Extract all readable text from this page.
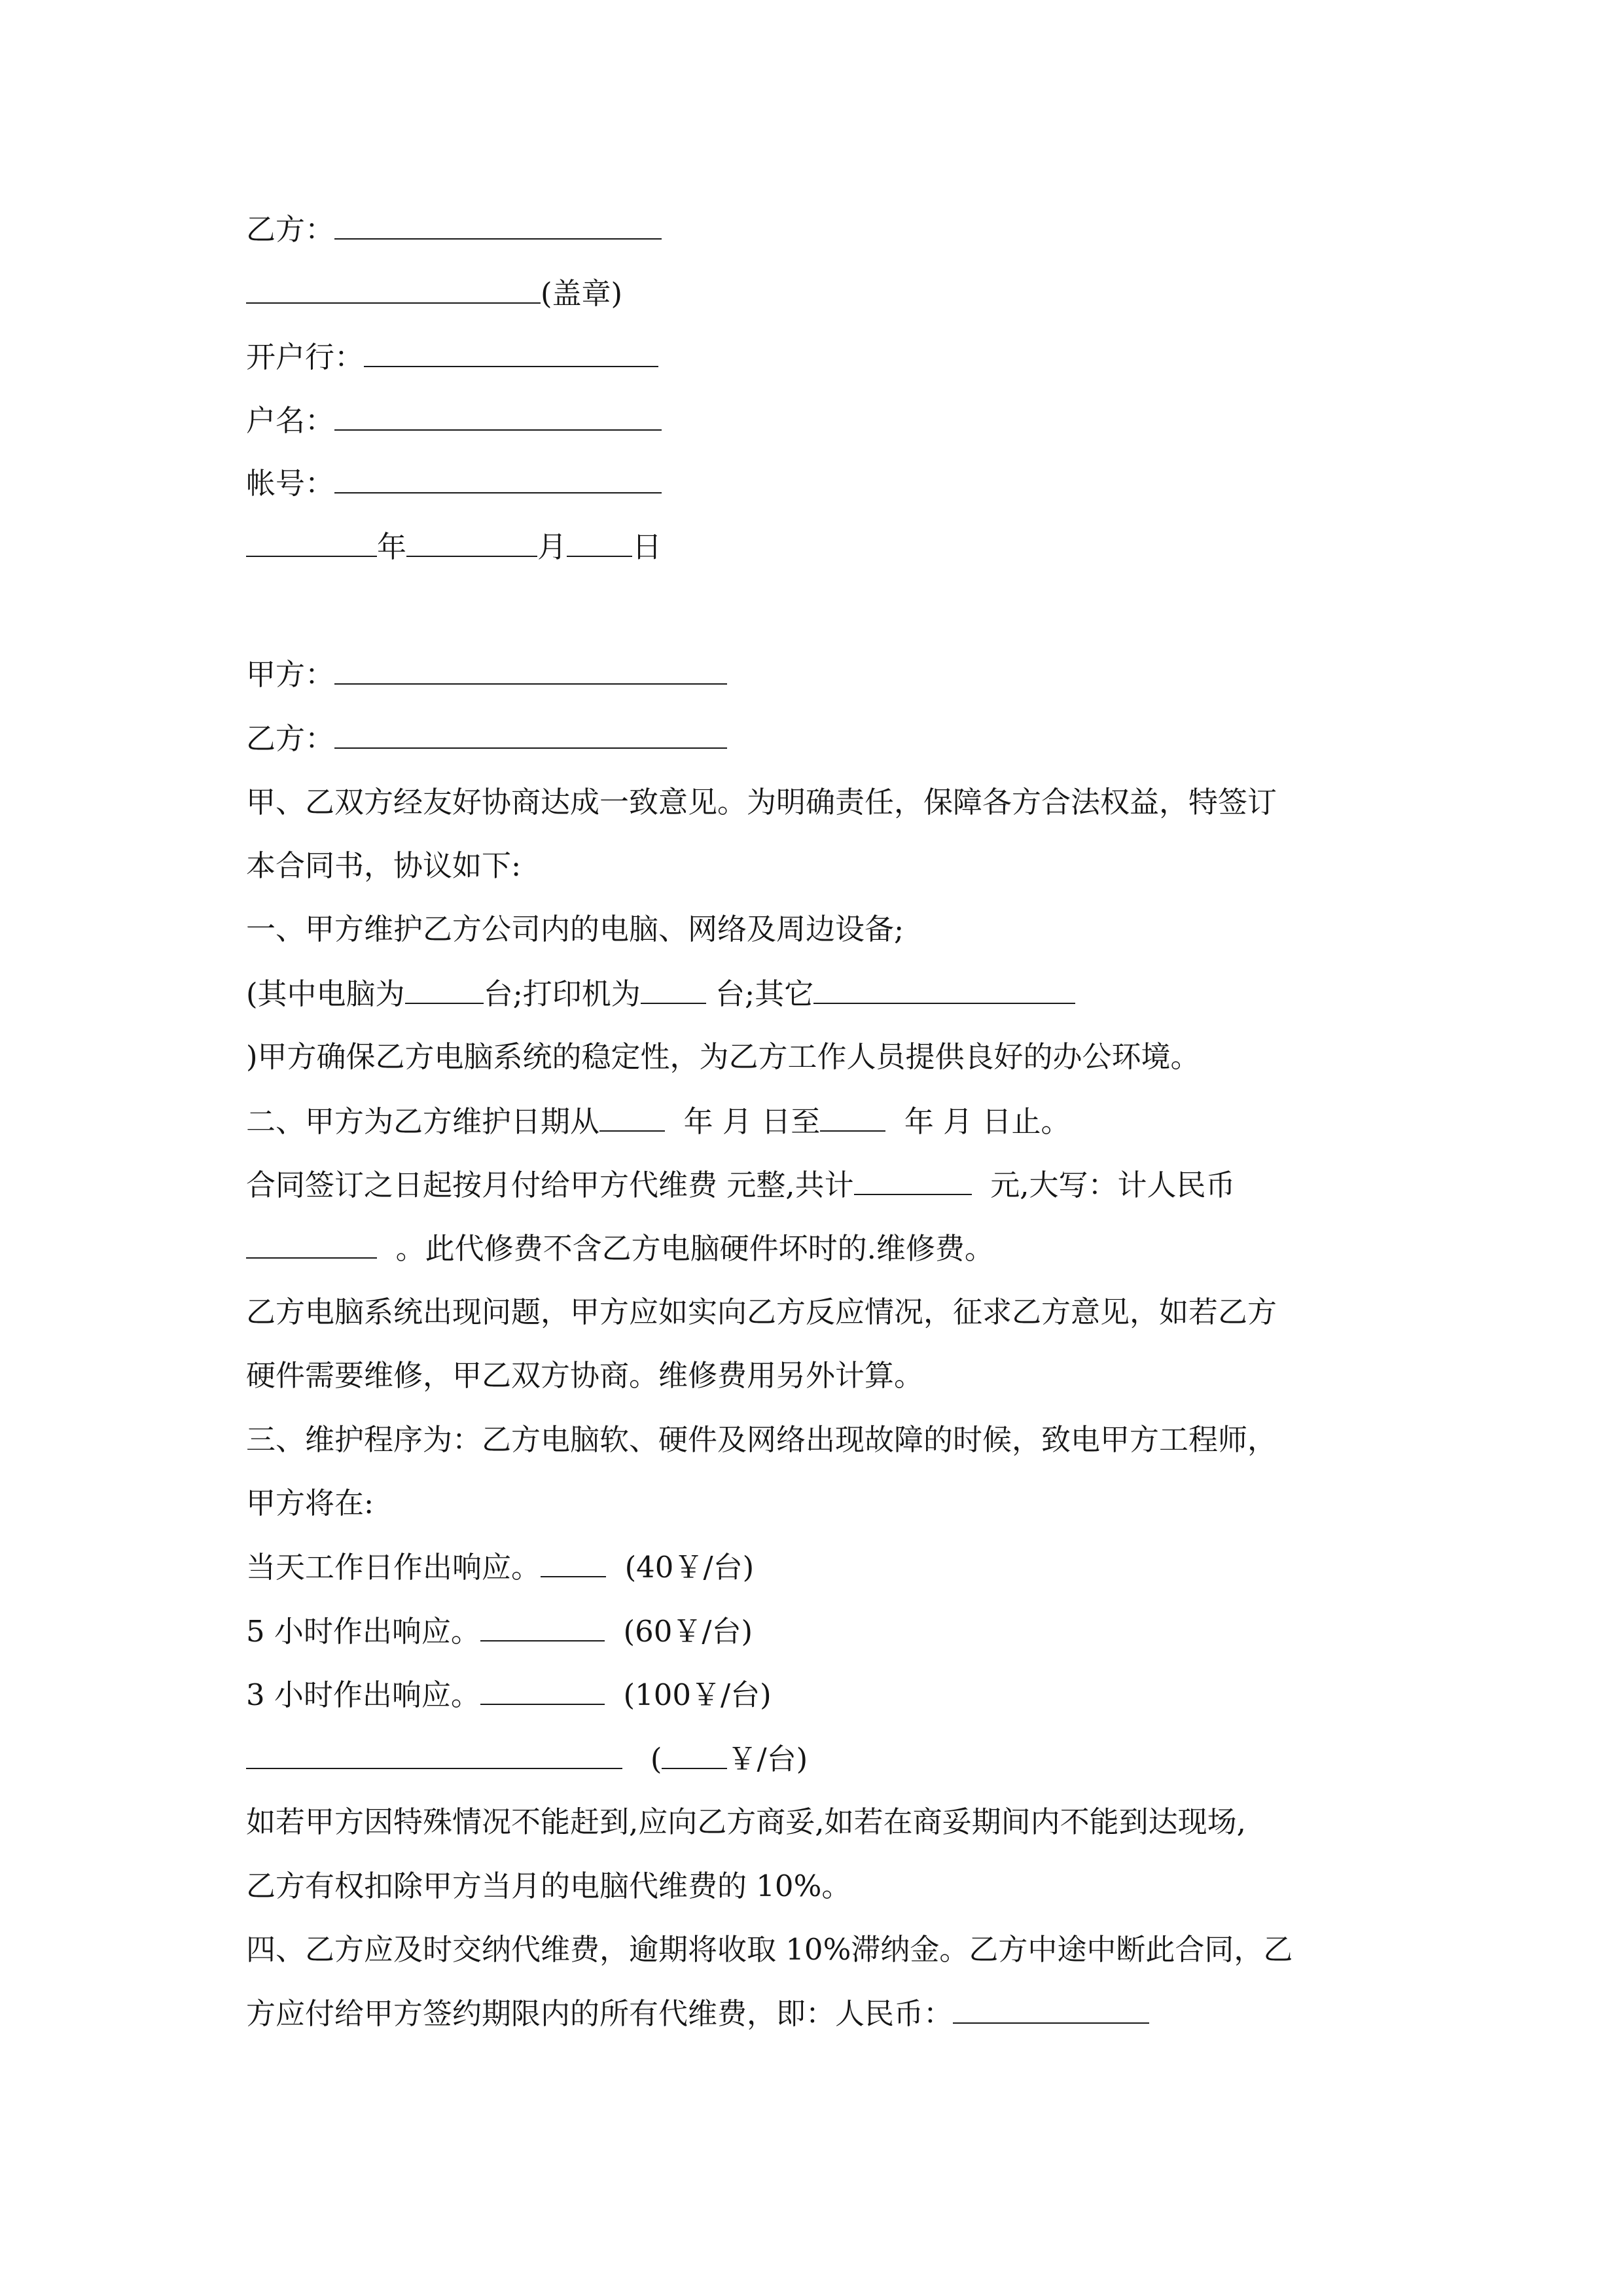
乙方：
(盖章)
开户行：
户名：
帐号：
年	月 日
甲方：
乙方：
甲、乙双方经友好协商达成一致意见。为明确责任，保障各方合法权益，特签订
本合同书，协议如下:
一、甲方维护乙方公司内的电脑、网络及周边设备;
(其中电脑为	台;打印机为	台;其它
)甲方确保乙方电脑系统的稳定性，为乙方工作人员提供良好的办公环境。
二、甲方为乙方维护日期从	年 月 日至	年 月 日止。
合同签订之日起按月付给甲方代维费 元整,共计	元,大写：计人民币
。此代修费不含乙方电脑硬件坏时的.维修费。
乙方电脑系统出现问题，甲方应如实向乙方反应情况，征求乙方意见，如若乙方
硬件需要维修，甲乙双方协商。维修费用另外计算。
三、维护程序为：乙方电脑软、硬件及网络出现故障的时候，致电甲方工程师，
甲方将在:
当天工作日作出响应。	(40￥/台)
5 小时作出响应。	(60￥/台)
3 小时作出响应。	(100￥/台)
( ￥/台)
如若甲方因特殊情况不能赶到,应向乙方商妥,如若在商妥期间内不能到达现场,
乙方有权扣除甲方当月的电脑代维费的 10%。
四、乙方应及时交纳代维费，逾期将收取 10%滞纳金。乙方中途中断此合同，乙
方应付给甲方签约期限内的所有代维费，即：人民币：
